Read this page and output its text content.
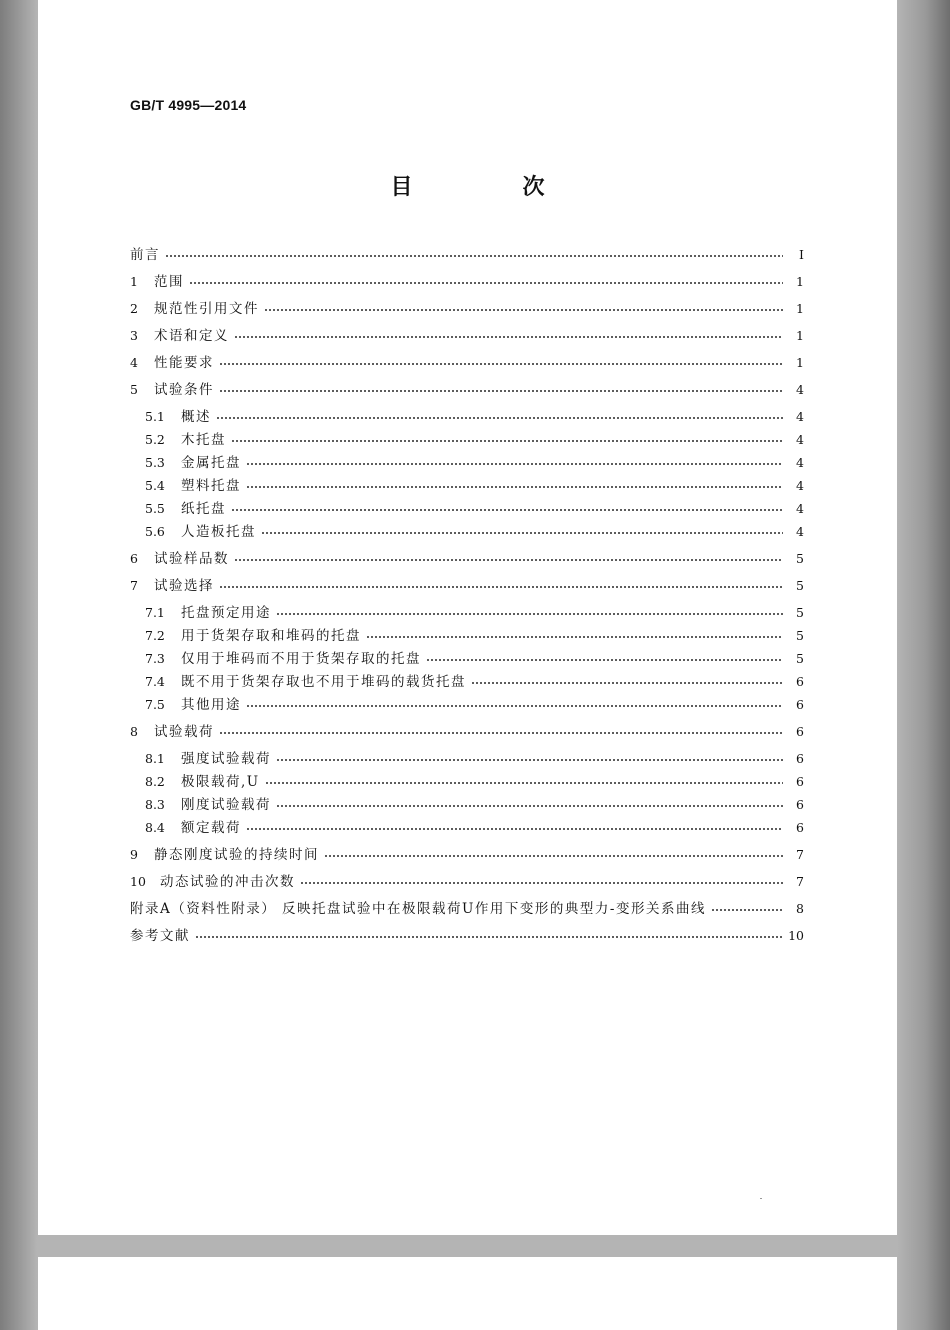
GB/T 4995—2014
目　次
前言	Ⅰ
1	范围	1
2	规范性引用文件	1
3	术语和定义	1
4	性能要求	1
5	试验条件	4
5.1	概述	4
5.2	木托盘	4
5.3	金属托盘	4
5.4	塑料托盘	4
5.5	纸托盘	4
5.6	人造板托盘	4
6	试验样品数	5
7	试验选择	5
7.1	托盘预定用途	5
7.2	用于货架存取和堆码的托盘	5
7.3	仅用于堆码而不用于货架存取的托盘	5
7.4	既不用于货架存取也不用于堆码的载货托盘	6
7.5	其他用途	6
8	试验载荷	6
8.1	强度试验载荷	6
8.2	极限载荷,U	6
8.3	刚度试验载荷	6
8.4	额定载荷	6
9	静态刚度试验的持续时间	7
10	动态试验的冲击次数	7
附录A（资料性附录） 反映托盘试验中在极限载荷U作用下变形的典型力-变形关系曲线	8
参考文献	10
